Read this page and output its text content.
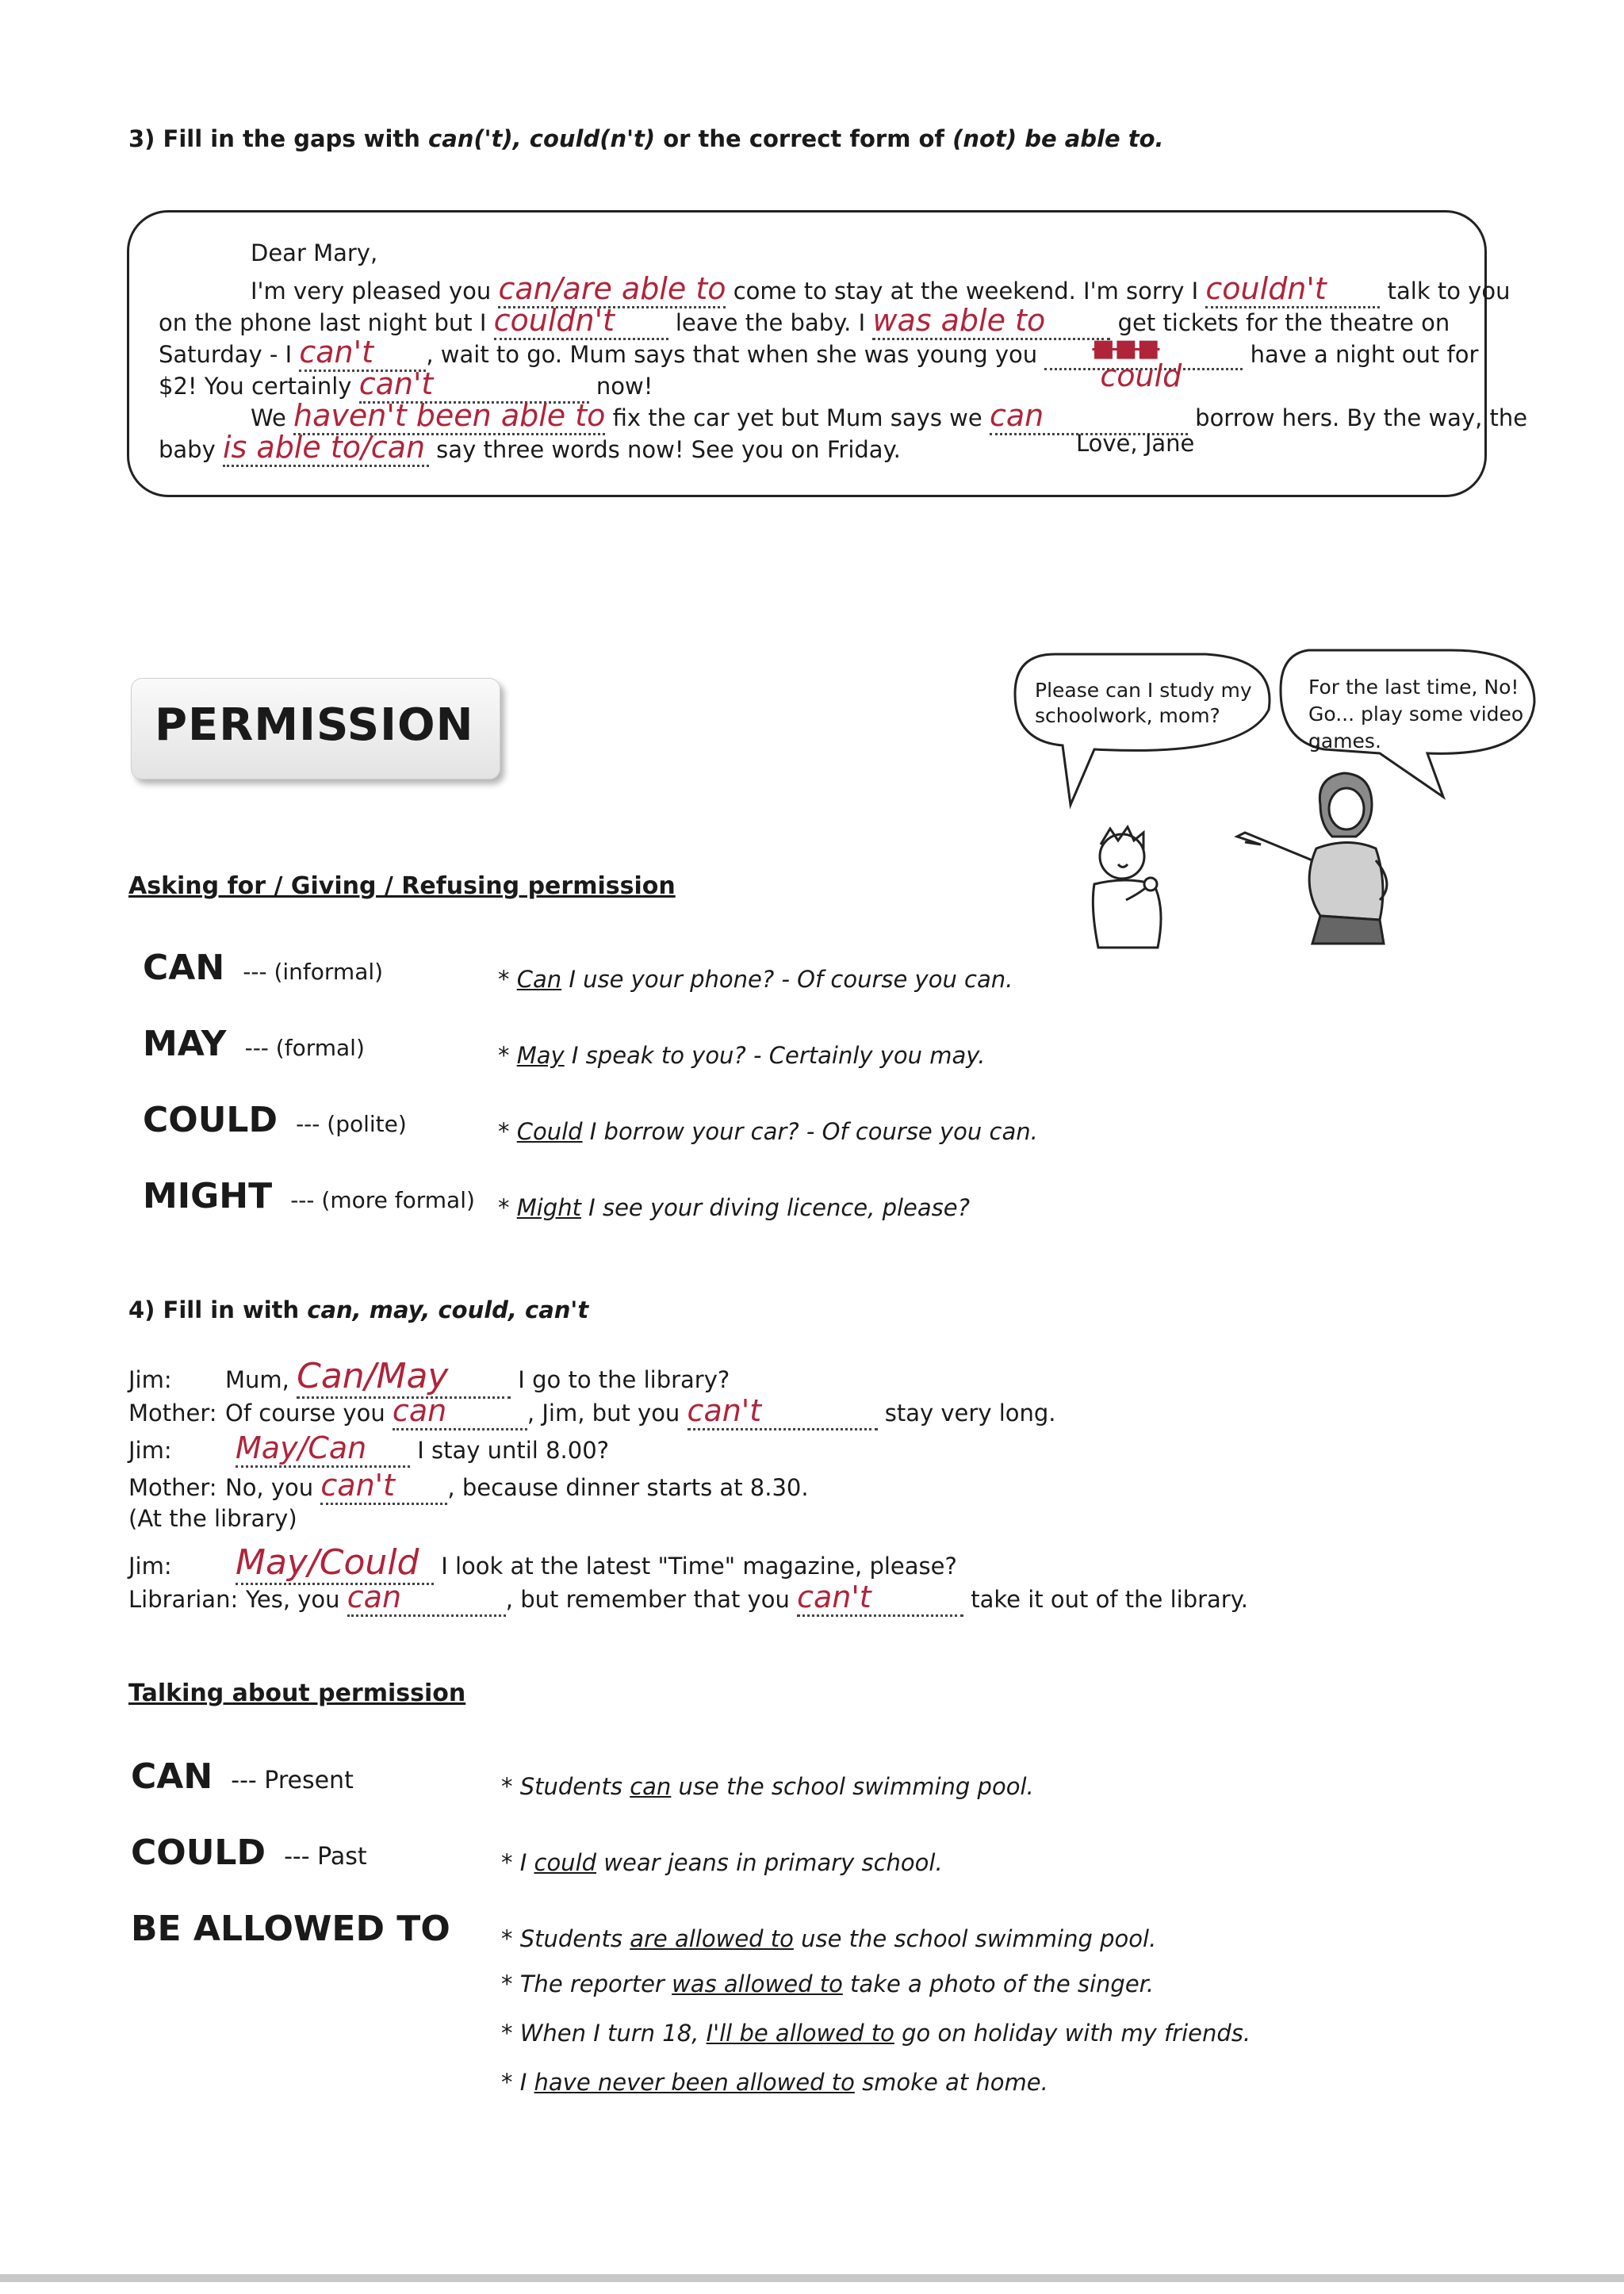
3) Fill in the gaps with can('t), could(n't) or the correct form of (not) be able to.
Dear Mary,
I'm very pleased you can/are able to come to stay at the weekend. I'm sorry I couldn't talk to you
on the phone last night but I couldn't leave the baby. I was able to	get tickets for the theatre on
Saturday - I can't , wait to go. Mum says that when she was young you ■■■
could
have a night out for
$2! You certainly can't	now!
We haven't been able to fix the car yet but Mum says we can	borrow hers. By the way, the
baby is able to/can say three words now! See you on Friday.	Love, Jane
PERMISSION
Please can I study my schoolwork, mom?
For the last time, No! Go... play some video games.
Asking for / Giving / Refusing permission
CAN --- (informal)	* Can I use your phone? - Of course you can.
MAY --- (formal)	* May I speak to you? - Certainly you may.
COULD --- (polite)	* Could I borrow your car? - Of course you can.
MIGHT --- (more formal) * Might I see your diving licence, please?
4) Fill in with can, may, could, can't
Jim: Mum, Can/May	I go to the library?
Mother: Of course you can	, Jim, but you can't	stay very long.
Jim: May/Can I stay until 8.00?
Mother: No, you can't , because dinner starts at 8.30.
(At the library)
Jim: May/Could I look at the latest "Time" magazine, please?
Librarian: Yes, you can	, but remember that you can't	take it out of the library.
Talking about permission
CAN --- Present	* Students can use the school swimming pool.
COULD --- Past	* I could wear jeans in primary school.
BE ALLOWED TO * Students are allowed to use the school swimming pool.
* The reporter was allowed to take a photo of the singer.
* When I turn 18, I'll be allowed to go on holiday with my friends.
* I have never been allowed to smoke at home.
